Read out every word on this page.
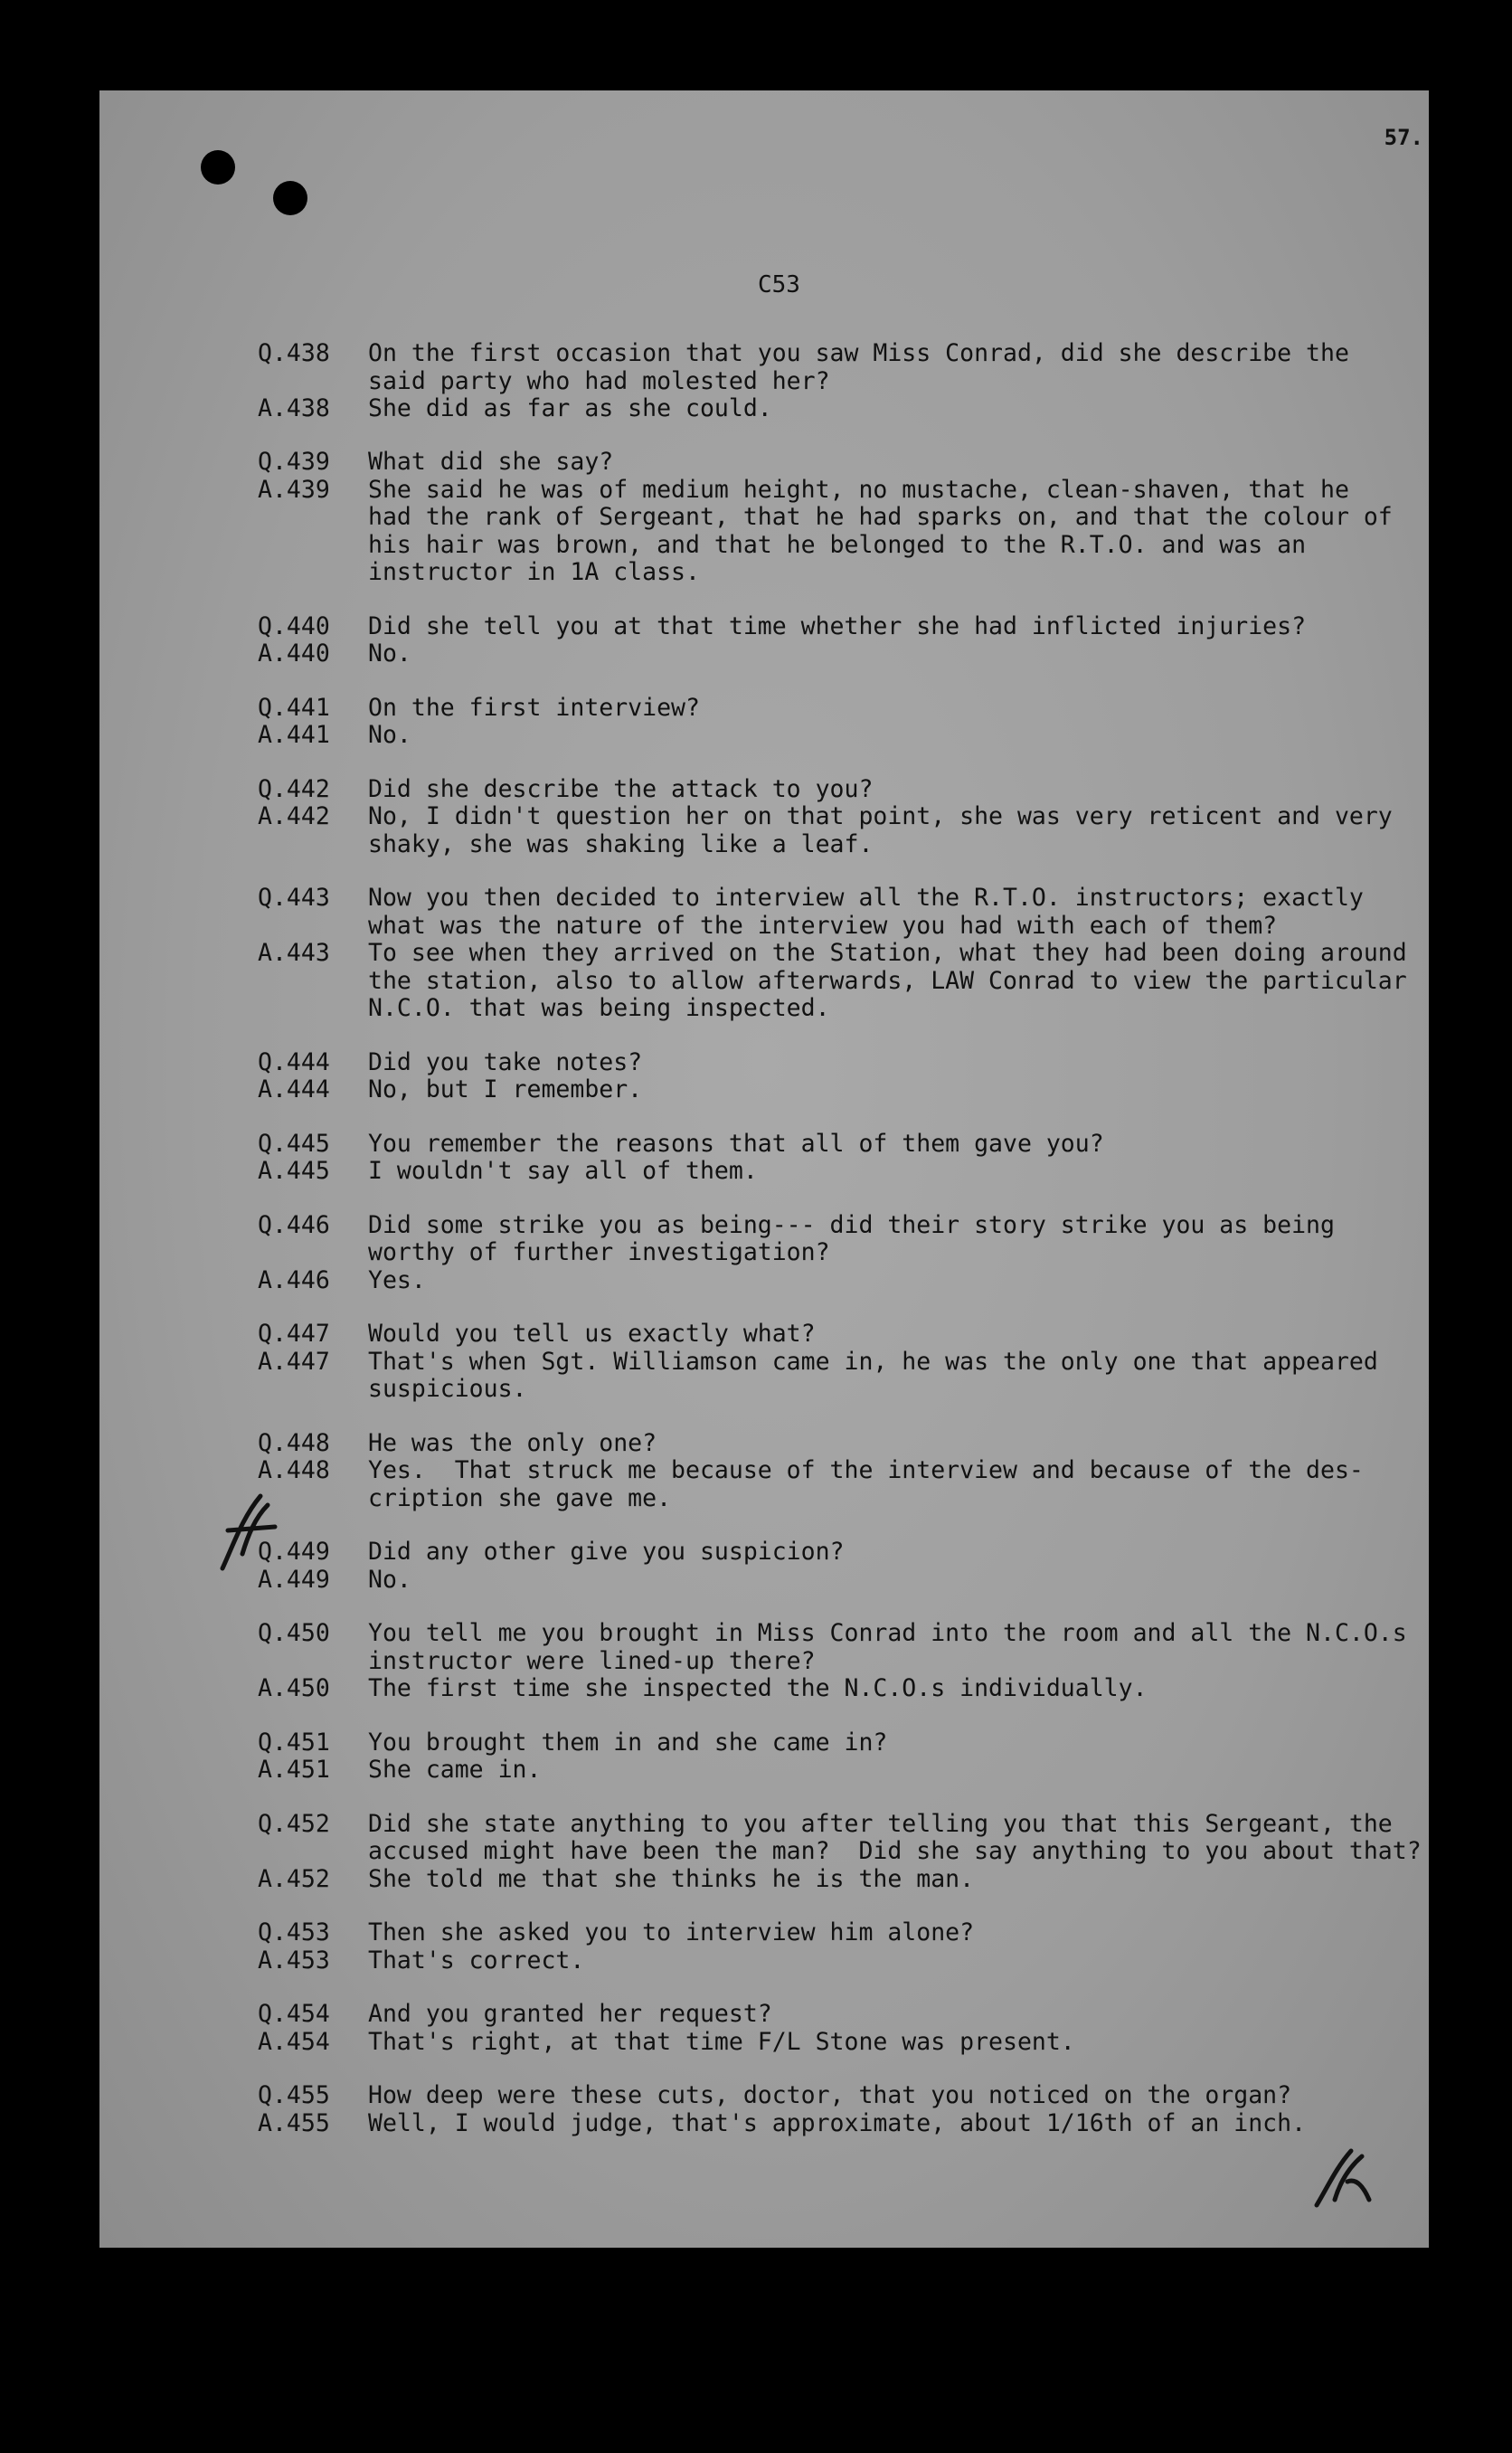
57.
C53
Q.438	On the first occasion that you saw Miss Conrad, did she describe the
said party who had molested her?
A.438	She did as far as she could.
Q.439	What did she say?
A.439	She said he was of medium height, no mustache, clean-shaven, that he
had the rank of Sergeant, that he had sparks on, and that the colour of
his hair was brown, and that he belonged to the R.T.O. and was an
instructor in 1A class.
Q.440	Did she tell you at that time whether she had inflicted injuries?
A.440	No.
Q.441	On the first interview?
A.441	No.
Q.442	Did she describe the attack to you?
A.442	No, I didn't question her on that point, she was very reticent and very
shaky, she was shaking like a leaf.
Q.443	Now you then decided to interview all the R.T.O. instructors; exactly
what was the nature of the interview you had with each of them?
A.443	To see when they arrived on the Station, what they had been doing around
the station, also to allow afterwards, LAW Conrad to view the particular
N.C.O. that was being inspected.
Q.444	Did you take notes?
A.444	No, but I remember.
Q.445	You remember the reasons that all of them gave you?
A.445	I wouldn't say all of them.
Q.446	Did some strike you as being--- did their story strike you as being
worthy of further investigation?
A.446	Yes.
Q.447	Would you tell us exactly what?
A.447	That's when Sgt. Williamson came in, he was the only one that appeared
suspicious.
Q.448	He was the only one?
A.448	Yes.  That struck me because of the interview and because of the des-
cription she gave me.
Q.449	Did any other give you suspicion?
A.449	No.
Q.450	You tell me you brought in Miss Conrad into the room and all the N.C.O.s
instructor were lined-up there?
A.450	The first time she inspected the N.C.O.s individually.
Q.451	You brought them in and she came in?
A.451	She came in.
Q.452	Did she state anything to you after telling you that this Sergeant, the
accused might have been the man?  Did she say anything to you about that?
A.452	She told me that she thinks he is the man.
Q.453	Then she asked you to interview him alone?
A.453	That's correct.
Q.454	And you granted her request?
A.454	That's right, at that time F/L Stone was present.
Q.455	How deep were these cuts, doctor, that you noticed on the organ?
A.455	Well, I would judge, that's approximate, about 1/16th of an inch.
